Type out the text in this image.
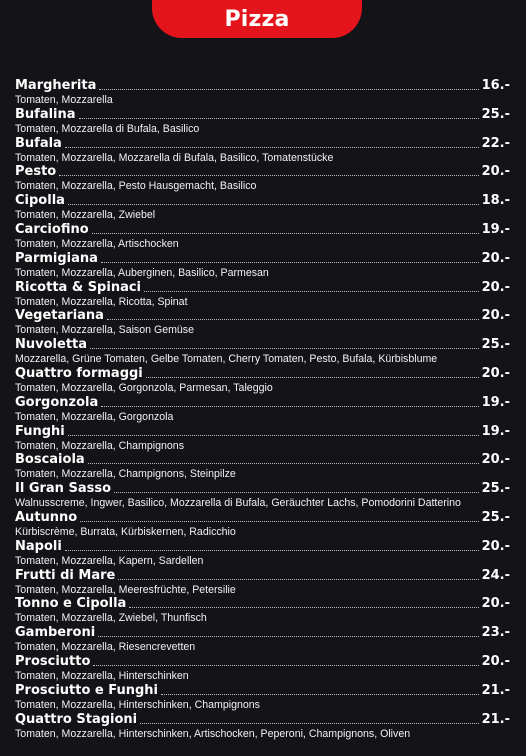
Pizza
Margherita	16.-
Tomaten, Mozzarella
Bufalina	25.-
Tomaten, Mozzarella di Bufala, Basilico
Bufala	22.-
Tomaten, Mozzarella, Mozzarella di Bufala, Basilico, Tomatenstücke
Pesto	20.-
Tomaten, Mozzarella, Pesto Hausgemacht, Basilico
Cipolla	18.-
Tomaten, Mozzarella, Zwiebel
Carciofino	19.-
Tomaten, Mozzarella, Artischocken
Parmigiana	20.-
Tomaten, Mozzarella, Auberginen, Basilico, Parmesan
Ricotta & Spinaci	20.-
Tomaten, Mozzarella, Ricotta, Spinat
Vegetariana	20.-
Tomaten, Mozzarella, Saison Gemüse
Nuvoletta	25.-
Mozzarella, Grüne Tomaten, Gelbe Tomaten, Cherry Tomaten, Pesto, Bufala, Kürbisblume
Quattro formaggi	20.-
Tomaten, Mozzarella, Gorgonzola, Parmesan, Taleggio
Gorgonzola	19.-
Tomaten, Mozzarella, Gorgonzola
Funghi	19.-
Tomaten, Mozzarella, Champignons
Boscaiola	20.-
Tomaten, Mozzarella, Champignons, Steinpilze
Il Gran Sasso	25.-
Walnusscreme, Ingwer, Basilico, Mozzarella di Bufala, Geräuchter Lachs, Pomodorini Datterino
Autunno	25.-
Kürbiscrème, Burrata, Kürbiskernen, Radicchio
Napoli	20.-
Tomaten, Mozzarella, Kapern, Sardellen
Frutti di Mare	24.-
Tomaten, Mozzarella, Meeresfrüchte, Petersilie
Tonno e Cipolla	20.-
Tomaten, Mozzarella, Zwiebel, Thunfisch
Gamberoni	23.-
Tomaten, Mozzarella, Riesencrevetten
Prosciutto	20.-
Tomaten, Mozzarella, Hinterschinken
Prosciutto e Funghi	21.-
Tomaten, Mozzarella, Hinterschinken, Champignons
Quattro Stagioni	21.-
Tomaten, Mozzarella, Hinterschinken, Artischocken, Peperoni, Champignons, Oliven
